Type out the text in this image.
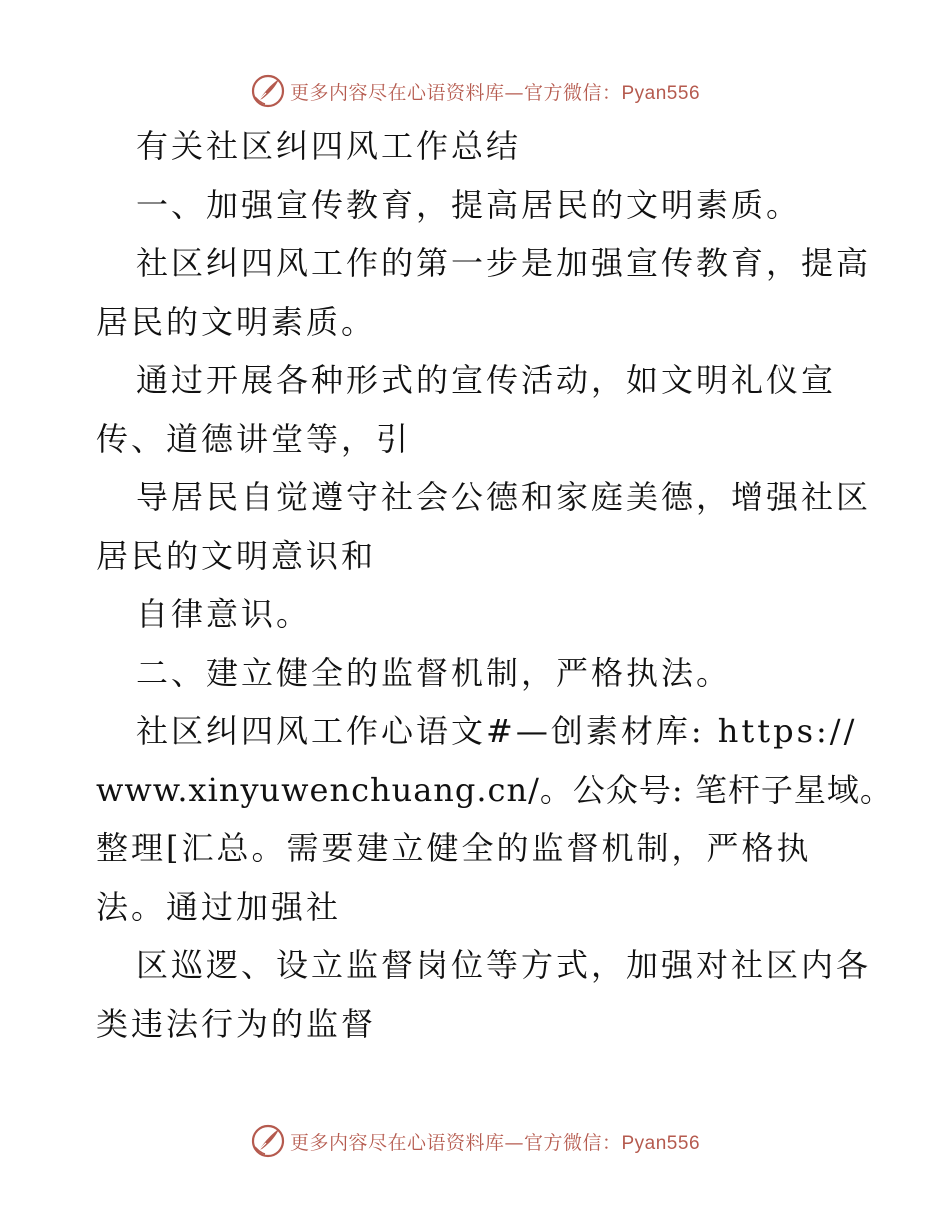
更多内容尽在心语资料库—官方微信：Pyan556
有关社区纠四风工作总结
一、加强宣传教育，提高居民的文明素质。
社区纠四风工作的第一步是加强宣传教育，提高
居民的文明素质。
通过开展各种形式的宣传活动，如文明礼仪宣
传、道德讲堂等，引
导居民自觉遵守社会公德和家庭美德，增强社区
居民的文明意识和
自律意识。
二、建立健全的监督机制，严格执法。
社区纠四风工作心语文#—创素材库: https://
www.xinyuwenchuang.cn/。公众号: 笔杆子星域。
整理[汇总。需要建立健全的监督机制，严格执
法。通过加强社
区巡逻、设立监督岗位等方式，加强对社区内各
类违法行为的监督
更多内容尽在心语资料库—官方微信：Pyan556
